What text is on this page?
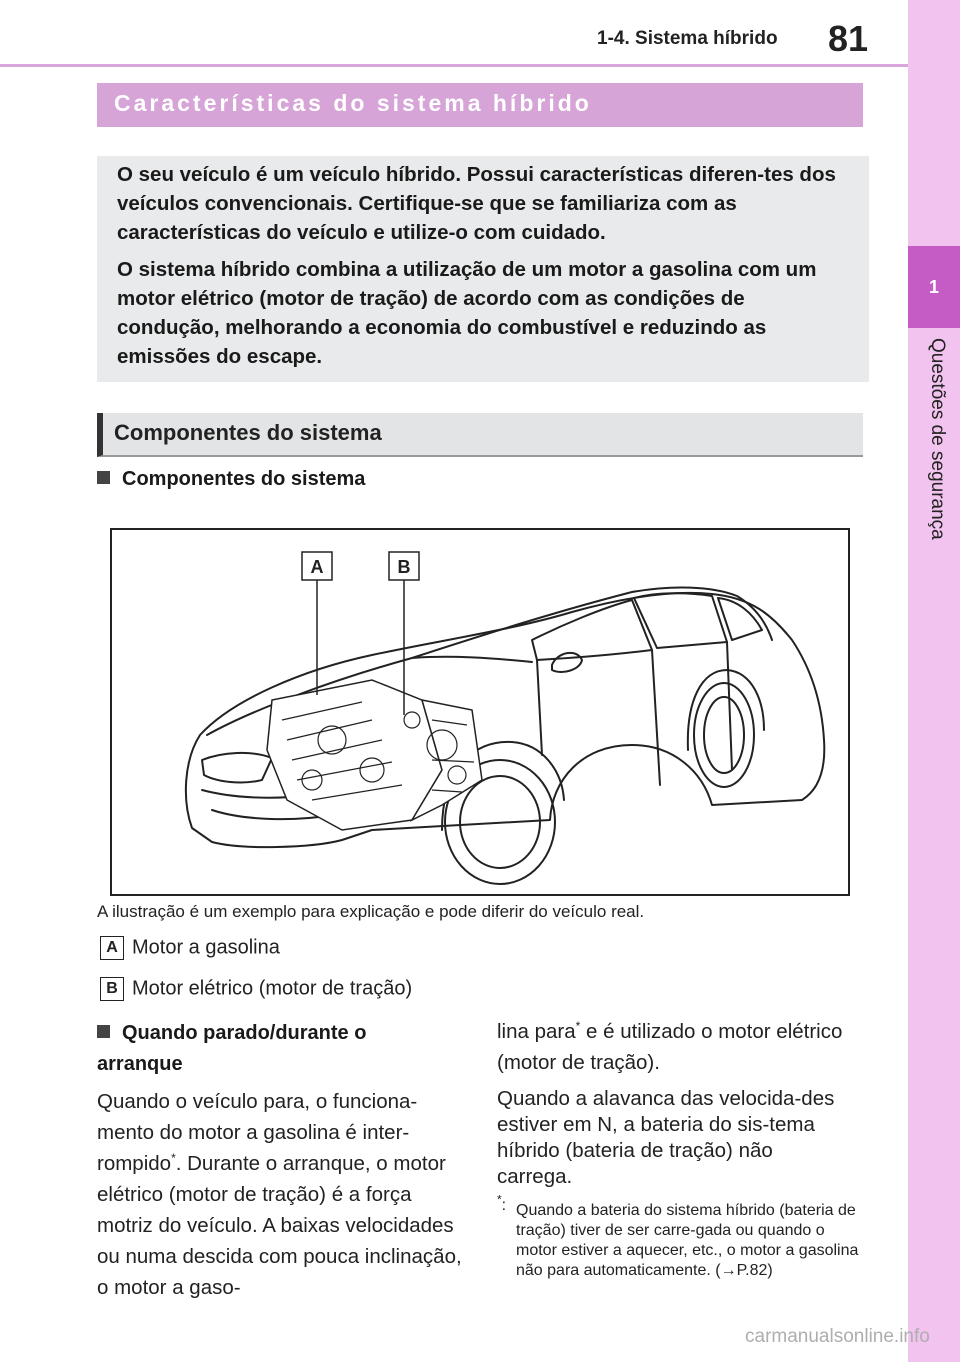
1-4. Sistema híbrido 81
1
Questões de segurança
Características do sistema híbrido

O seu veículo é um veículo híbrido. Possui características diferen-tes dos veículos convencionais. Certifique-se que se familiariza com as características do veículo e utilize-o com cuidado.

O sistema híbrido combina a utilização de um motor a gasolina com um motor elétrico (motor de tração) de acordo com as condições de condução, melhorando a economia do combustível e reduzindo as emissões do escape.

Componentes do sistema
Componentes do sistema
A	B
A ilustração é um exemplo para explicação e pode diferir do veículo real.
A Motor a gasolina
B Motor elétrico (motor de tração)
Quando parado/durante o arranque
Quando o veículo para, o funciona-mento do motor a gasolina é inter-rompido*. Durante o arranque, o motor elétrico (motor de tração) é a força motriz do veículo. A baixas velocidades ou numa descida com pouca inclinação, o motor a gaso-
lina para* e é utilizado o motor elétrico (motor de tração).
Quando a alavanca das velocida-des estiver em N, a bateria do sis-tema híbrido (bateria de tração) não carrega.
*: Quando a bateria do sistema híbrido (bateria de tração) tiver de ser carre-gada ou quando o motor estiver a aquecer, etc., o motor a gasolina não para automaticamente. (→P.82)
carmanualsonline.info
